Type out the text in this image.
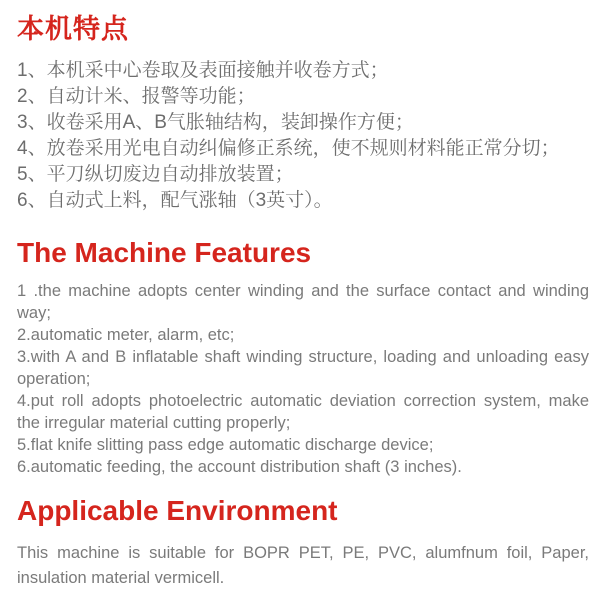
本机特点

1、本机采中心卷取及表面接触并收卷方式；

2、自动计米、报警等功能；

3、收卷采用A、B气胀轴结构，装卸操作方便；

4、放卷采用光电自动纠偏修正系统，使不规则材料能正常分切；

5、平刀纵切废边自动排放装置；

6、自动式上料，配气涨轴（3英寸）。

The Machine Features

1 .the machine adopts center winding and the surface contact and winding way;

2.automatic meter, alarm, etc;

3.with A and B inflatable shaft winding structure, loading and unloading easy operation;

4.put roll adopts photoelectric automatic deviation correction system, make the irregular material cutting properly;

5.flat knife slitting pass edge automatic discharge device;

6.automatic feeding, the account distribution shaft (3 inches).

Applicable Environment

This machine is suitable for BOPR PET, PE, PVC, alumfnum foil, Paper, insulation material vermicell.
